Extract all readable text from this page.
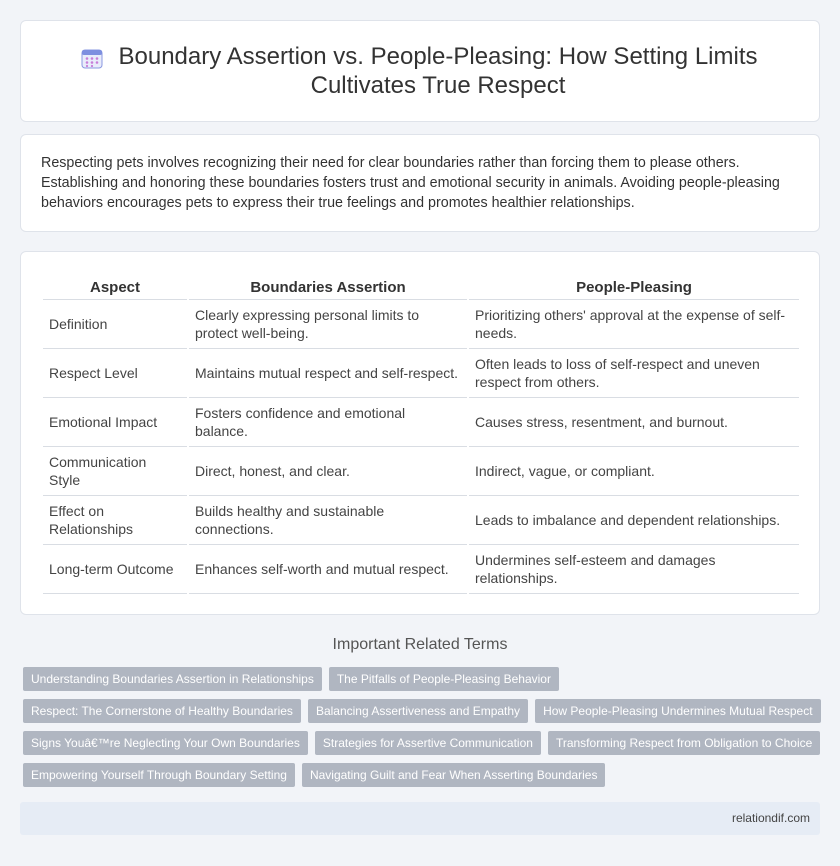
Boundary Assertion vs. People-Pleasing: How Setting Limits Cultivates True Respect

Respecting pets involves recognizing their need for clear boundaries rather than forcing them to please others. Establishing and honoring these boundaries fosters trust and emotional security in animals. Avoiding people-pleasing behaviors encourages pets to express their true feelings and promotes healthier relationships.

Aspect	Boundaries Assertion	People-Pleasing
Definition	Clearly expressing personal limits to protect well-being.	Prioritizing others' approval at the expense of self-needs.
Respect Level	Maintains mutual respect and self-respect.	Often leads to loss of self-respect and uneven respect from others.
Emotional Impact	Fosters confidence and emotional balance.	Causes stress, resentment, and burnout.
Communication Style	Direct, honest, and clear.	Indirect, vague, or compliant.
Effect on Relationships	Builds healthy and sustainable connections.	Leads to imbalance and dependent relationships.
Long-term Outcome	Enhances self-worth and mutual respect.	Undermines self-esteem and damages relationships.
Important Related Terms
Understanding Boundaries Assertion in Relationships	The Pitfalls of People-Pleasing Behavior
Respect: The Cornerstone of Healthy Boundaries	Balancing Assertiveness and Empathy	How People-Pleasing Undermines Mutual Respect
Signs Youâ€™re Neglecting Your Own Boundaries	Strategies for Assertive Communication	Transforming Respect from Obligation to Choice
Empowering Yourself Through Boundary Setting	Navigating Guilt and Fear When Asserting Boundaries
relationdif.com
